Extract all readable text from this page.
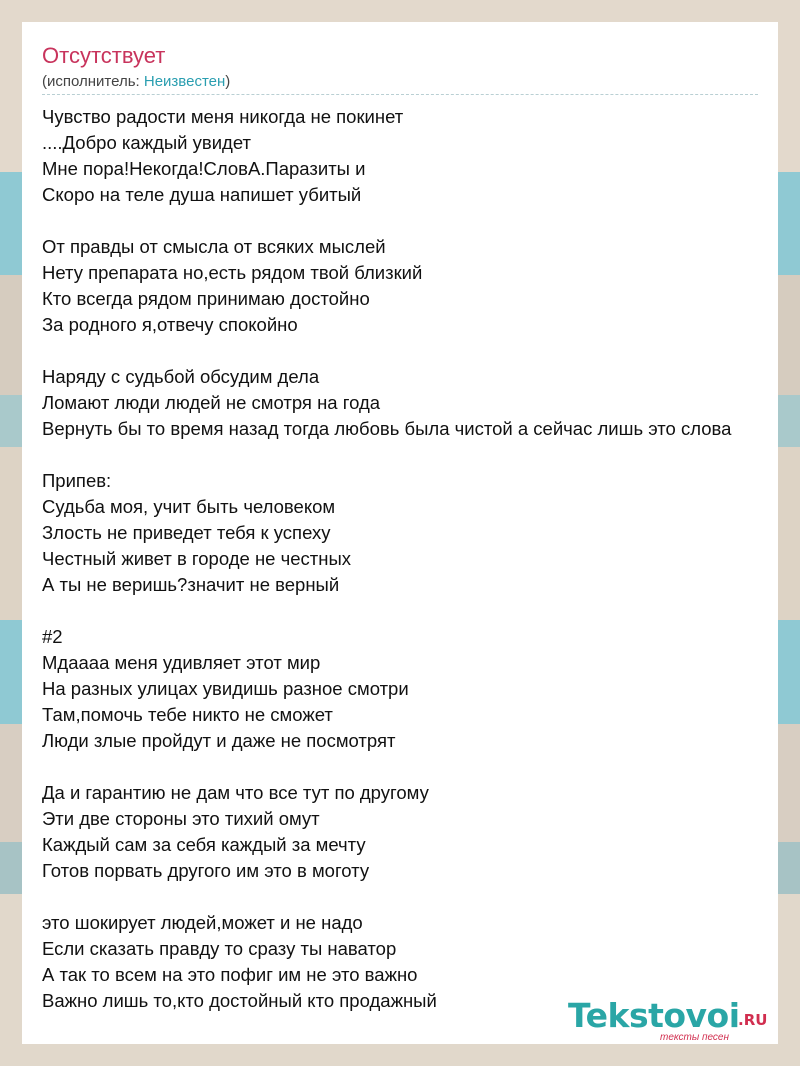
Отсутствует
(исполнитель: Неизвестен)
Чувство радости меня никогда не покинет
....Добро каждый увидет
Мне пора!Некогда!СловА.Паразиты и
Скоро на теле душа напишет убитый
От правды от смысла от всяких мыслей
Нету препарата но,есть рядом твой близкий
Кто всегда рядом принимаю достойно
За родного я,отвечу спокойно
Наряду с судьбой обсудим дела
Ломают люди людей не смотря на года
Вернуть бы то время назад тогда любовь была чистой а сейчас лишь это слова
Припев:
Судьба моя, учит быть человеком
Злость не приведет тебя к успеху
Честный живет в городе не честных
А ты не веришь?значит не верный
#2
Мдаааа меня удивляет этот мир
На разных улицах увидишь разное смотри
Там,помочь тебе никто не сможет
Люди злые пройдут и даже не посмотрят
Да и гарантию не дам что все тут по другому
Эти две стороны это тихий омут
Каждый сам за себя каждый за мечту
Готов порвать другого им это в моготу
это шокирует людей,может и не надо
Если сказать правду то сразу ты наватор
А так то всем на это пофиг им не это важно
Важно лишь то,кто достойный кто продажный	Tekstovoi
.RU
тексты песен
